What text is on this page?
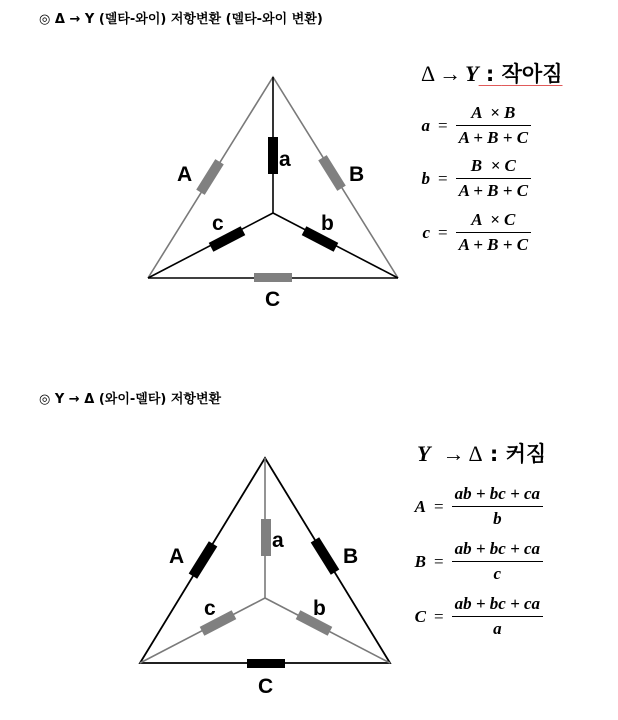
◎ Δ → Y (델타-와이) 저항변환 (델타-와이 변환)
◎ Y → Δ (와이-델타) 저항변환
A	B
C
a
b
c
A	B
C
a
b
c
Δ → Y : 작아짐
$a = \frac{A \times B}{A + B + C}$
$b = \frac{B \times C}{A + B + C}$
$c = \frac{A \times C}{A + B + C}$
Y → Δ : 커짐
$A = \frac{ab + bc + ca}{b}$
$B = \frac{ab + bc + ca}{c}$
$C = \frac{ab + bc + ca}{a}$
